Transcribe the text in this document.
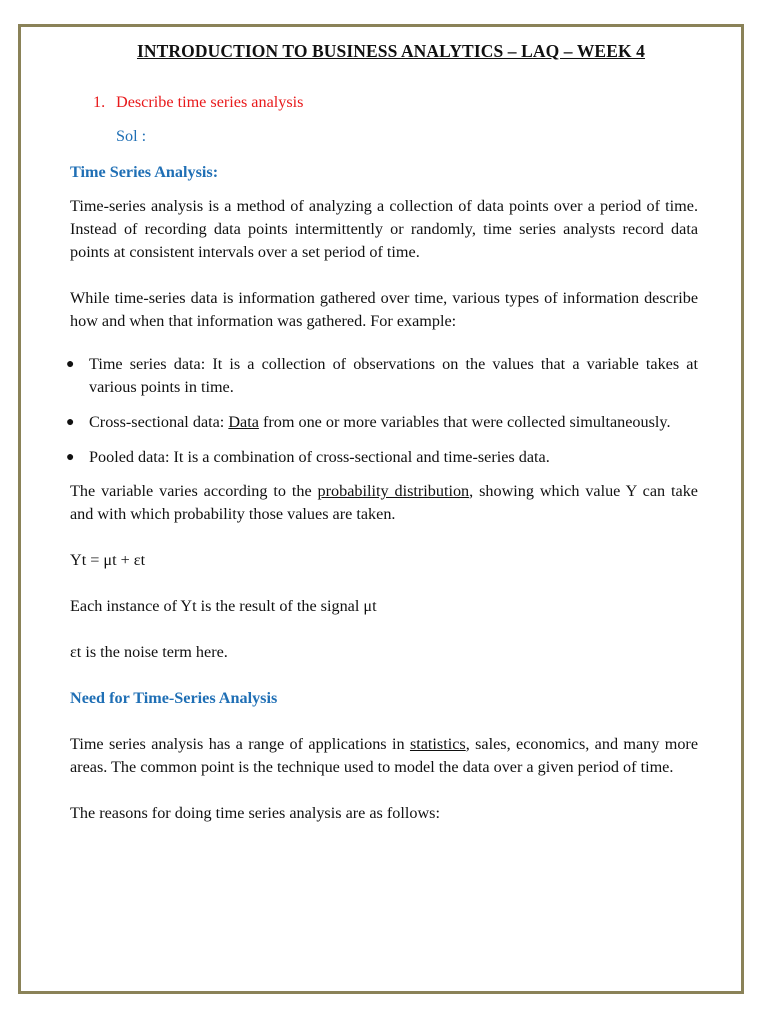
INTRODUCTION TO BUSINESS ANALYTICS – LAQ – WEEK 4
1. Describe time series analysis
Sol :
Time Series Analysis:

Time-series analysis is a method of analyzing a collection of data points over a period of time. Instead of recording data points intermittently or randomly, time series analysts record data points at consistent intervals over a set period of time.

While time-series data is information gathered over time, various types of information describe how and when that information was gathered. For example:

● Time series data: It is a collection of observations on the values that a variable takes at various points in time.
● Cross-sectional data: Data from one or more variables that were collected simultaneously.
● Pooled data: It is a combination of cross-sectional and time-series data.

The variable varies according to the probability distribution, showing which value Y can take and with which probability those values are taken.

Yt = μt + εt

Each instance of Yt is the result of the signal μt

εt is the noise term here.

Need for Time-Series Analysis

Time series analysis has a range of applications in statistics, sales, economics, and many more areas. The common point is the technique used to model the data over a given period of time.

The reasons for doing time series analysis are as follows:
